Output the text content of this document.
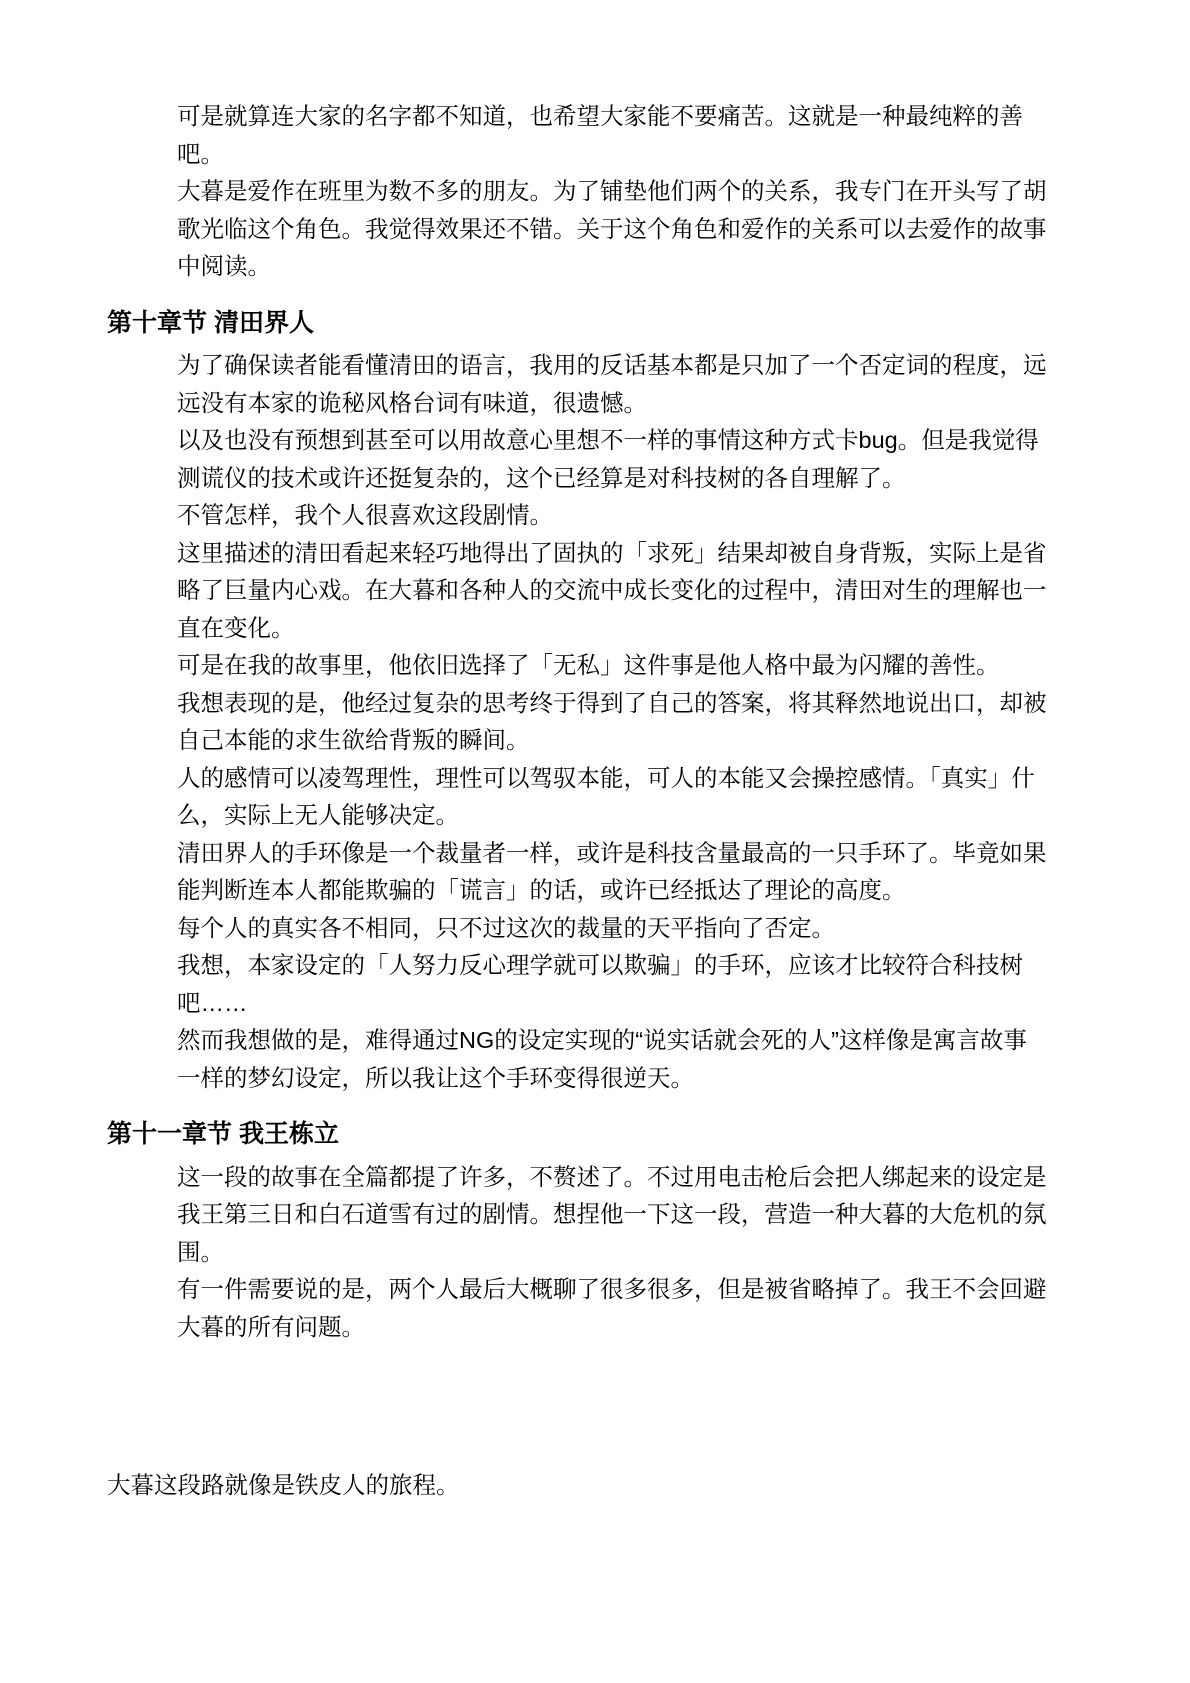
可是就算连大家的名字都不知道，也希望大家能不要痛苦。这就是一种最纯粹的善
吧。

大暮是爱作在班里为数不多的朋友。为了铺垫他们两个的关系，我专门在开头写了胡
歌光临这个角色。我觉得效果还不错。关于这个角色和爱作的关系可以去爱作的故事
中阅读。

第十章节 清田界人

为了确保读者能看懂清田的语言，我用的反话基本都是只加了一个否定词的程度，远
远没有本家的诡秘风格台词有味道，很遗憾。

以及也没有预想到甚至可以用故意心里想不一样的事情这种方式卡bug。但是我觉得
测谎仪的技术或许还挺复杂的，这个已经算是对科技树的各自理解了。

不管怎样，我个人很喜欢这段剧情。

这里描述的清田看起来轻巧地得出了固执的「求死」结果却被自身背叛，实际上是省
略了巨量内心戏。在大暮和各种人的交流中成长变化的过程中，清田对生的理解也一
直在变化。

可是在我的故事里，他依旧选择了「无私」这件事是他人格中最为闪耀的善性。

我想表现的是，他经过复杂的思考终于得到了自己的答案，将其释然地说出口，却被
自己本能的求生欲给背叛的瞬间。

人的感情可以凌驾理性，理性可以驾驭本能，可人的本能又会操控感情。「真实」什
么，实际上无人能够决定。

清田界人的手环像是一个裁量者一样，或许是科技含量最高的一只手环了。毕竟如果
能判断连本人都能欺骗的「谎言」的话，或许已经抵达了理论的高度。

每个人的真实各不相同，只不过这次的裁量的天平指向了否定。

我想，本家设定的「人努力反心理学就可以欺骗」的手环，应该才比较符合科技树
吧……

然而我想做的是，难得通过NG的设定实现的“说实话就会死的人”这样像是寓言故事
一样的梦幻设定，所以我让这个手环变得很逆天。

第十一章节 我王栋立

这一段的故事在全篇都提了许多，不赘述了。不过用电击枪后会把人绑起来的设定是
我王第三日和白石道雪有过的剧情。想捏他一下这一段，营造一种大暮的大危机的氛
围。

有一件需要说的是，两个人最后大概聊了很多很多，但是被省略掉了。我王不会回避
大暮的所有问题。

大暮这段路就像是铁皮人的旅程。
